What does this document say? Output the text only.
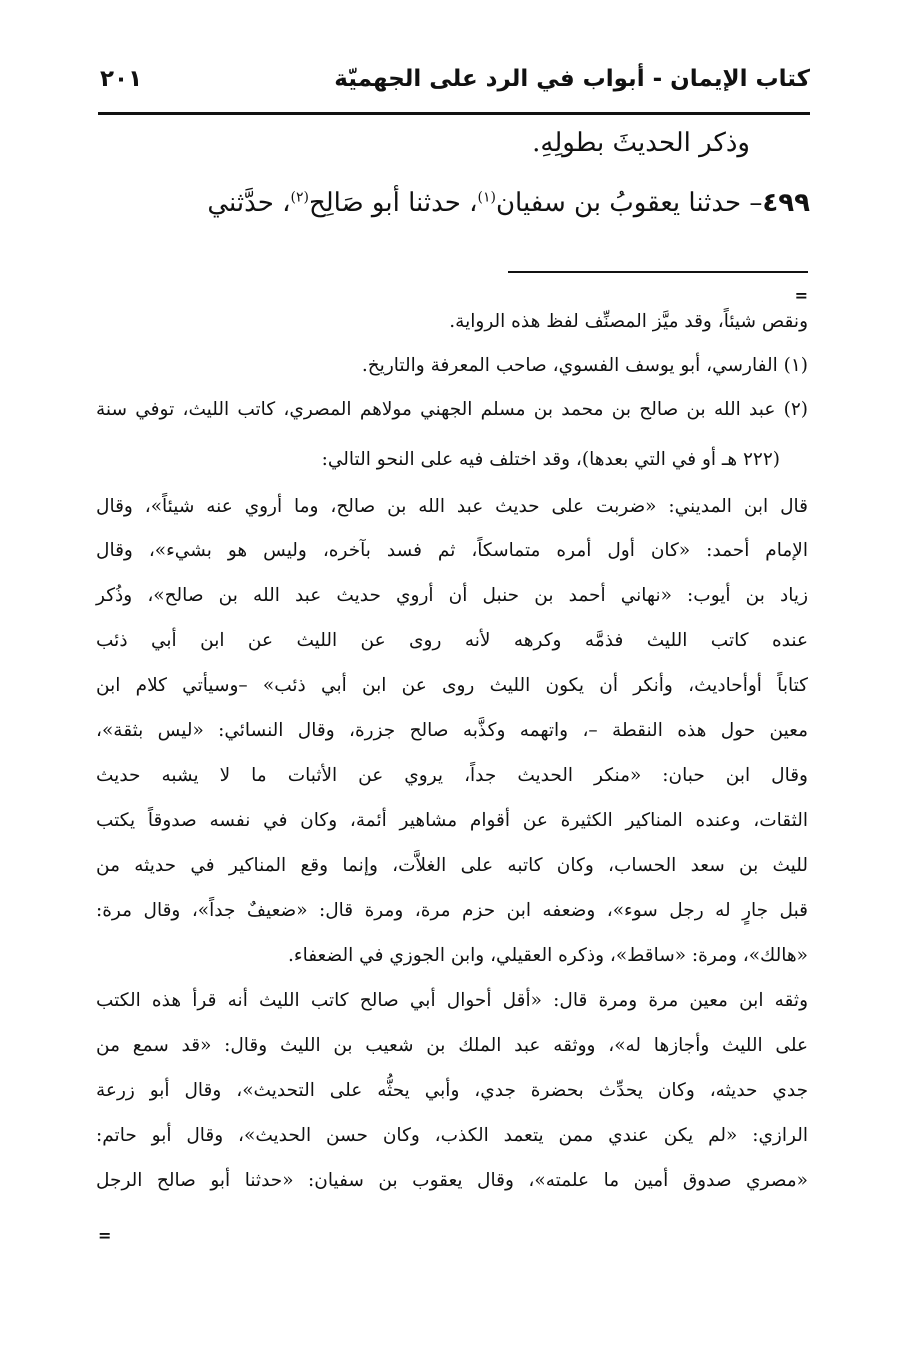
كتاب الإيمان - أبواب في الرد على الجهميّة
٢٠١
وذكر الحديثَ بطولِهِ.
٤٩٩– حدثنا يعقوبُ بن سفيان$^{(١)}$، حدثنا أبو صَالِح$^{(٢)}$، حدَّثني
=
ونقص شيئاً، وقد ميَّز المصنِّف لفظ هذه الرواية.
(١) الفارسي، أبو يوسف الفسوي، صاحب المعرفة والتاريخ.
(٢) عبد الله بن صالح بن محمد بن مسلم الجهني مولاهم المصري، كاتب الليث، توفي سنة
(٢٢٢ هـ أو في التي بعدها)، وقد اختلف فيه على النحو التالي:
قال ابن المديني: «ضربت على حديث عبد الله بن صالح، وما أروي عنه شيئاً»، وقال
الإمام أحمد: «كان أول أمره متماسكاً، ثم فسد بآخره، وليس هو بشيء»، وقال
زياد بن أيوب: «نهاني أحمد بن حنبل أن أروي حديث عبد الله بن صالح»، وذُكر
عنده كاتب الليث فذمَّه وكرهه لأنه روى عن الليث عن ابن أبي ذئب
كتاباً أوأحاديث، وأنكر أن يكون الليث روى عن ابن أبي ذئب» –وسيأتي كلام ابن
معين حول هذه النقطة –، واتهمه وكذَّبه صالح جزرة، وقال النسائي: «ليس بثقة»،
وقال ابن حبان: «منكر الحديث جداً، يروي عن الأثبات ما لا يشبه حديث
الثقات، وعنده المناكير الكثيرة عن أقوام مشاهير أئمة، وكان في نفسه صدوقاً يكتب
لليث بن سعد الحساب، وكان كاتبه على الغلاَّت، وإنما وقع المناكير في حديثه من
قبل جارٍ له رجل سوء»، وضعفه ابن حزم مرة، ومرة قال: «ضعيفٌ جداً»، وقال مرة:
«هالك»، ومرة: «ساقط»، وذكره العقيلي، وابن الجوزي في الضعفاء.
وثقه ابن معين مرة ومرة قال: «أقل أحوال أبي صالح كاتب الليث أنه قرأ هذه الكتب
على الليث وأجازها له»، ووثقه عبد الملك بن شعيب بن الليث وقال: «قد سمع من
جدي حديثه، وكان يحدِّث بحضرة جدي، وأبي يحثُّه على التحديث»، وقال أبو زرعة
الرازي: «لم يكن عندي ممن يتعمد الكذب، وكان حسن الحديث»، وقال أبو حاتم:
«مصري صدوق أمين ما علمته»، وقال يعقوب بن سفيان: «حدثنا أبو صالح الرجل
=
